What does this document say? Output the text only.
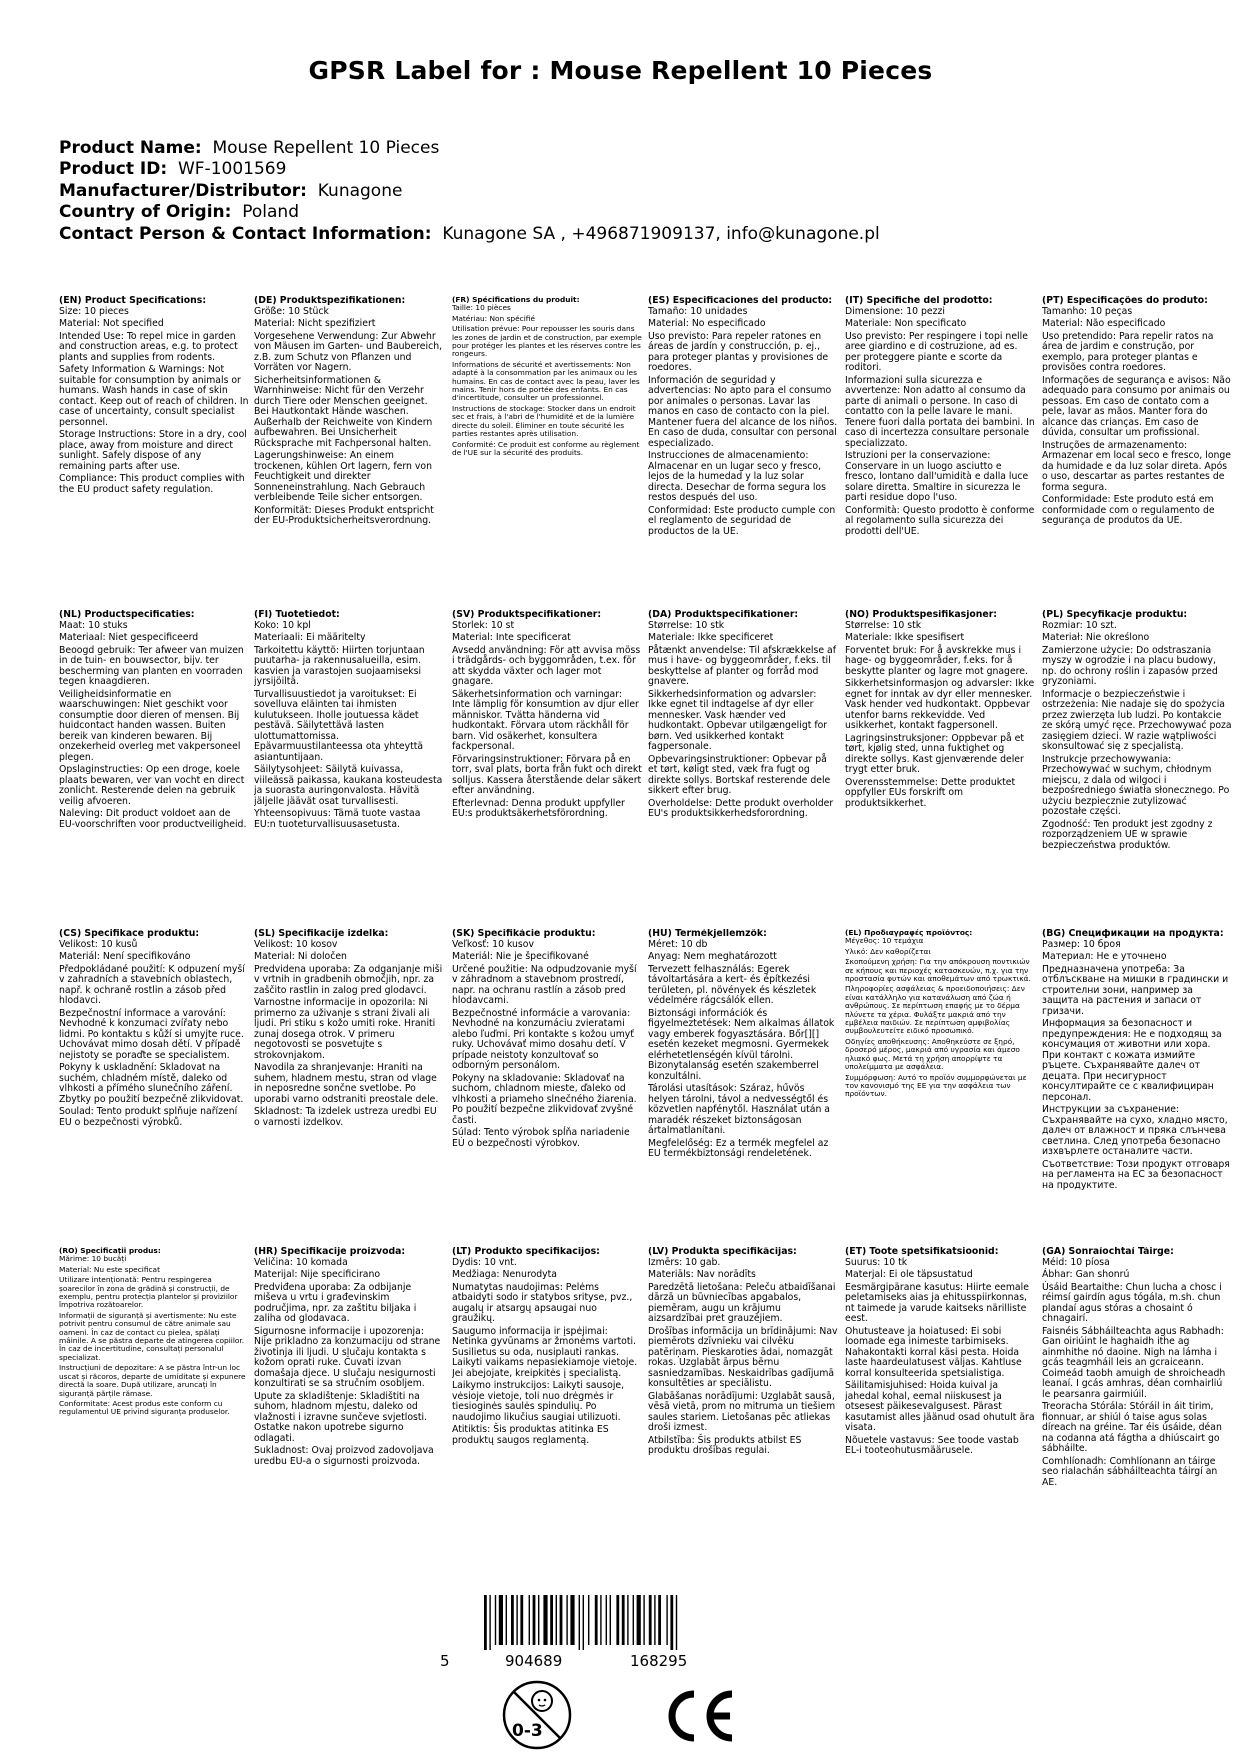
GPSR Label for : Mouse Repellent 10 Pieces
Product Name: Mouse Repellent 10 Pieces
Product ID: WF-1001569
Manufacturer/Distributor: Kunagone
Country of Origin: Poland
Contact Person & Contact Information: Kunagone SA , +496871909137, info@kunagone.pl
(EN) Product Specifications:

Size: 10 pieces

Material: Not specified

Intended Use: To repel mice in garden and construction areas, e.g. to protect plants and supplies from rodents.

Safety Information & Warnings: Not suitable for consumption by animals or humans. Wash hands in case of skin contact. Keep out of reach of children. In case of uncertainty, consult specialist personnel.

Storage Instructions: Store in a dry, cool place, away from moisture and direct sunlight. Safely dispose of any remaining parts after use.

Compliance: This product complies with the EU product safety regulation.

(DE) Produktspezifikationen:

Größe: 10 Stück

Material: Nicht spezifiziert

Vorgesehene Verwendung: Zur Abwehr von Mäusen im Garten- und Baubereich, z.B. zum Schutz von Pflanzen und Vorräten vor Nagern.

Sicherheitsinformationen & Warnhinweise: Nicht für den Verzehr durch Tiere oder Menschen geeignet. Bei Hautkontakt Hände waschen. Außerhalb der Reichweite von Kindern aufbewahren. Bei Unsicherheit Rücksprache mit Fachpersonal halten.

Lagerungshinweise: An einem trockenen, kühlen Ort lagern, fern von Feuchtigkeit und direkter Sonneneinstrahlung. Nach Gebrauch verbleibende Teile sicher entsorgen.

Konformität: Dieses Produkt entspricht der EU-Produktsicherheitsverordnung.

(FR) Spécifications du produit:

Taille: 10 pièces

Matériau: Non spécifié

Utilisation prévue: Pour repousser les souris dans les zones de jardin et de construction, par exemple pour protéger les plantes et les réserves contre les rongeurs.

Informations de sécurité et avertissements: Non adapté à la consommation par les animaux ou les humains. En cas de contact avec la peau, laver les mains. Tenir hors de portée des enfants. En cas d'incertitude, consulter un professionnel.

Instructions de stockage: Stocker dans un endroit sec et frais, à l'abri de l'humidité et de la lumière directe du soleil. Éliminer en toute sécurité les parties restantes après utilisation.

Conformité: Ce produit est conforme au règlement de l'UE sur la sécurité des produits.

(ES) Especificaciones del producto:

Tamaño: 10 unidades

Material: No especificado

Uso previsto: Para repeler ratones en áreas de jardín y construcción, p. ej., para proteger plantas y provisiones de roedores.

Información de seguridad y advertencias: No apto para el consumo por animales o personas. Lavar las manos en caso de contacto con la piel. Mantener fuera del alcance de los niños. En caso de duda, consultar con personal especializado.

Instrucciones de almacenamiento: Almacenar en un lugar seco y fresco, lejos de la humedad y la luz solar directa. Desechar de forma segura los restos después del uso.

Conformidad: Este producto cumple con el reglamento de seguridad de productos de la UE.

(IT) Specifiche del prodotto:

Dimensione: 10 pezzi

Materiale: Non specificato

Uso previsto: Per respingere i topi nelle aree giardino e di costruzione, ad es. per proteggere piante e scorte da roditori.

Informazioni sulla sicurezza e avvertenze: Non adatto al consumo da parte di animali o persone. In caso di contatto con la pelle lavare le mani. Tenere fuori dalla portata dei bambini. In caso di incertezza consultare personale specializzato.

Istruzioni per la conservazione: Conservare in un luogo asciutto e fresco, lontano dall'umidità e dalla luce solare diretta. Smaltire in sicurezza le parti residue dopo l'uso.

Conformità: Questo prodotto è conforme al regolamento sulla sicurezza dei prodotti dell'UE.

(PT) Especificações do produto:

Tamanho: 10 peças

Material: Não especificado

Uso pretendido: Para repelir ratos na área de jardim e construção, por exemplo, para proteger plantas e provisões contra roedores.

Informações de segurança e avisos: Não adequado para consumo por animais ou pessoas. Em caso de contato com a pele, lavar as mãos. Manter fora do alcance das crianças. Em caso de dúvida, consultar um profissional.

Instruções de armazenamento: Armazenar em local seco e fresco, longe da humidade e da luz solar direta. Após o uso, descartar as partes restantes de forma segura.

Conformidade: Este produto está em conformidade com o regulamento de segurança de produtos da UE.

(NL) Productspecificaties:

Maat: 10 stuks

Materiaal: Niet gespecificeerd

Beoogd gebruik: Ter afweer van muizen in de tuin- en bouwsector, bijv. ter bescherming van planten en voorraden tegen knaagdieren.

Veiligheidsinformatie en waarschuwingen: Niet geschikt voor consumptie door dieren of mensen. Bij huidcontact handen wassen. Buiten bereik van kinderen bewaren. Bij onzekerheid overleg met vakpersoneel plegen.

Opslaginstructies: Op een droge, koele plaats bewaren, ver van vocht en direct zonlicht. Resterende delen na gebruik veilig afvoeren.

Naleving: Dit product voldoet aan de EU-voorschriften voor productveiligheid.

(FI) Tuotetiedot:

Koko: 10 kpl

Materiaali: Ei määritelty

Tarkoitettu käyttö: Hiirten torjuntaan puutarha- ja rakennusalueilla, esim. kasvien ja varastojen suojaamiseksi jyrsijöiltä.

Turvallisuustiedot ja varoitukset: Ei sovelluva eläinten tai ihmisten kulutukseen. Iholle joutuessa kädet pestävä. Säilytettävä lasten ulottumattomissa. Epävarmuustilanteessa ota yhteyttä asiantuntijaan.

Säilytysohjeet: Säilytä kuivassa, viileässä paikassa, kaukana kosteudesta ja suorasta auringonvalosta. Hävitä jäljelle jäävät osat turvallisesti.

Yhteensopivuus: Tämä tuote vastaa EU:n tuoteturvallisuusasetusta.

(SV) Produktspecifikationer:

Storlek: 10 st

Material: Inte specificerat

Avsedd användning: För att avvisa möss i trädgårds- och byggområden, t.ex. för att skydda växter och lager mot gnagare.

Säkerhetsinformation och varningar: Inte lämplig för konsumtion av djur eller människor. Tvätta händerna vid hudkontakt. Förvara utom räckhåll för barn. Vid osäkerhet, konsultera fackpersonal.

Förvaringsinstruktioner: Förvara på en torr, sval plats, borta från fukt och direkt solljus. Kassera återstående delar säkert efter användning.

Efterlevnad: Denna produkt uppfyller EU:s produktsäkerhetsförordning.

(DA) Produktspecifikationer:

Størrelse: 10 stk

Materiale: Ikke specificeret

Påtænkt anvendelse: Til afskrækkelse af mus i have- og byggeområder, f.eks. til beskyttelse af planter og forråd mod gnavere.

Sikkerhedsinformation og advarsler: Ikke egnet til indtagelse af dyr eller mennesker. Vask hænder ved hudkontakt. Opbevar utilgængeligt for børn. Ved usikkerhed kontakt fagpersonale.

Opbevaringsinstruktioner: Opbevar på et tørt, køligt sted, væk fra fugt og direkte sollys. Bortskaf resterende dele sikkert efter brug.

Overholdelse: Dette produkt overholder EU's produktsikkerhedsforordning.

(NO) Produktspesifikasjoner:

Størrelse: 10 stk

Materiale: Ikke spesifisert

Forventet bruk: For å avskrekke mus i hage- og byggeområder, f.eks. for å beskytte planter og lagre mot gnagere.

Sikkerhetsinformasjon og advarsler: Ikke egnet for inntak av dyr eller mennesker. Vask hender ved hudkontakt. Oppbevar utenfor barns rekkevidde. Ved usikkerhet, kontakt fagpersonell.

Lagringsinstruksjoner: Oppbevar på et tørt, kjølig sted, unna fuktighet og direkte sollys. Kast gjenværende deler trygt etter bruk.

Overensstemmelse: Dette produktet oppfyller EUs forskrift om produktsikkerhet.

(PL) Specyfikacje produktu:

Rozmiar: 10 szt.

Materiał: Nie określono

Zamierzone użycie: Do odstraszania myszy w ogrodzie i na placu budowy, np. do ochrony roślin i zapasów przed gryzoniami.

Informacje o bezpieczeństwie i ostrzeżenia: Nie nadaje się do spożycia przez zwierzęta lub ludzi. Po kontakcie ze skórą umyć ręce. Przechowywać poza zasięgiem dzieci. W razie wątpliwości skonsultować się z specjalistą.

Instrukcje przechowywania: Przechowywać w suchym, chłodnym miejscu, z dala od wilgoci i bezpośredniego światła słonecznego. Po użyciu bezpiecznie zutylizować pozostałe części.

Zgodność: Ten produkt jest zgodny z rozporządzeniem UE w sprawie bezpieczeństwa produktów.

(CS) Specifikace produktu:

Velikost: 10 kusů

Materiál: Není specifikováno

Předpokládané použití: K odpuzení myší v zahradních a stavebních oblastech, např. k ochraně rostlin a zásob před hlodavci.

Bezpečnostní informace a varování: Nevhodné k konzumaci zvířaty nebo lidmi. Po kontaktu s kůží si umyjte ruce. Uchovávat mimo dosah dětí. V případě nejistoty se poraďte se specialistem.

Pokyny k uskladnění: Skladovat na suchém, chladném místě, daleko od vlhkosti a přímého slunečního záření. Zbytky po použití bezpečně zlikvidovat.

Soulad: Tento produkt splňuje nařízení EU o bezpečnosti výrobků.

(SL) Specifikacije izdelka:

Velikost: 10 kosov

Material: Ni določen

Predvidena uporaba: Za odganjanje miši v vrtnih in gradbenih območjih, npr. za zaščito rastlin in zalog pred glodavci.

Varnostne informacije in opozorila: Ni primerno za uživanje s strani živali ali ljudi. Pri stiku s kožo umiti roke. Hraniti zunaj dosega otrok. V primeru negotovosti se posvetujte s strokovnjakom.

Navodila za shranjevanje: Hraniti na suhem, hladnem mestu, stran od vlage in neposredne sončne svetlobe. Po uporabi varno odstraniti preostale dele.

Skladnost: Ta izdelek ustreza uredbi EU o varnosti izdelkov.

(SK) Špecifikácie produktu:

Veľkosť: 10 kusov

Materiál: Nie je špecifikované

Určené použitie: Na odpudzovanie myší v záhradnom a stavebnom prostredí, napr. na ochranu rastlín a zásob pred hlodavcami.

Bezpečnostné informácie a varovania: Nevhodné na konzumáciu zvieratami alebo ľuďmi. Pri kontakte s kožou umyť ruky. Uchovávať mimo dosahu detí. V prípade neistoty konzultovať so odborným personálom.

Pokyny na skladovanie: Skladovať na suchom, chladnom mieste, ďaleko od vlhkosti a priameho slnečného žiarenia. Po použití bezpečne zlikvidovať zvyšné časti.

Súlad: Tento výrobok spĺňa nariadenie EÚ o bezpečnosti výrobkov.

(HU) Termékjellemzők:

Méret: 10 db

Anyag: Nem meghatározott

Tervezett felhasználás: Egerek távoltartására a kert- és építkezési területen, pl. növények és készletek védelmére rágcsálók ellen.

Biztonsági információk és figyelmeztetések: Nem alkalmas állatok vagy emberek fogyasztására. Bőr[][] esetén kezeket megmosni. Gyermekek elérhetetlenségén kívül tárolni. Bizonytalanság esetén szakemberrel konzultálni.

Tárolási utasítások: Száraz, hűvös helyen tárolni, távol a nedvességtől és közvetlen napfénytől. Használat után a maradék részeket biztonságosan ártalmatlanítani.

Megfelelőség: Ez a termék megfelel az EU termékbiztonsági rendeletének.

(EL) Προδιαγραφές προϊόντος:

Μέγεθος: 10 τεμάχια

Υλικό: Δεν καθορίζεται

Σκοπούμενη χρήση: Για την απόκρουση ποντικιών σε κήπους και περιοχές κατασκευών, π.χ. για την προστασία φυτών και αποθεμάτων από τρωκτικά.

Πληροφορίες ασφάλειας & προειδοποιήσεις: Δεν είναι κατάλληλο για κατανάλωση από ζώα ή ανθρώπους. Σε περίπτωση επαφής με το δέρμα πλύνετε τα χέρια. Φυλάξτε μακριά από την εμβέλεια παιδιών. Σε περίπτωση αμφιβολίας συμβουλευτείτε ειδικό προσωπικό.

Οδηγίες αποθήκευσης: Αποθηκεύστε σε ξηρό, δροσερό μέρος, μακριά από υγρασία και άμεσο ηλιακό φως. Μετά τη χρήση απορρίψτε τα υπολείμματα με ασφάλεια.

Συμμόρφωση: Αυτό το προϊόν συμμορφώνεται με τον κανονισμό της ΕΕ για την ασφάλεια των προϊόντων.

(BG) Спецификации на продукта:

Размер: 10 броя

Материал: Не е уточнено

Предназначена употреба: За отблъскване на мишки в градински и строителни зони, например за защита на растения и запаси от гризачи.

Информация за безопасност и предупреждения: Не е подходящ за консумация от животни или хора. При контакт с кожата измийте ръцете. Съхранявайте далеч от децата. При несигурност консултирайте се с квалифициран персонал.

Инструкции за съхранение: Съхранявайте на сухо, хладно място, далеч от влажност и пряка слънчева светлина. След употреба безопасно изхвърлете останалите части.

Съответствие: Този продукт отговаря на регламента на ЕС за безопасност на продуктите.

(RO) Specificații produs:

Mărime: 10 bucăți

Material: Nu este specificat

Utilizare intenționată: Pentru respingerea șoarecilor în zona de grădină și construcții, de exemplu, pentru protecția plantelor și provizi​ilor împotriva rozătoarelor.

Informații de siguranță și avertismente: Nu este potrivit pentru consumul de către animale sau oameni. În caz de contact cu pielea, spălați mâinile. A se păstra departe de atingerea copiilor. În caz de incertitudine, consultați personalul specializat.

Instrucțiuni de depozitare: A se păstra într-un loc uscat și răcoros, departe de umiditate și expunere directă la soare. După utilizare, aruncați în siguranță părțile rămase.

Conformitate: Acest produs este conform cu regulamentul UE privind siguranța produselor.

(HR) Specifikacije proizvoda:

Veličina: 10 komada

Materijal: Nije specificirano

Predviđena uporaba: Za odbijanje miševa u vrtu i građevinskim područjima, npr. za zaštitu biljaka i zaliha od glodavaca.

Sigurnosne informacije i upozorenja: Nije prikladno za konzumaciju od strane životinja ili ljudi. U slučaju kontakta s kožom oprati ruke. Čuvati izvan domašaja djece. U slučaju nesigurnosti konzultirati se sa stručnim osobljem.

Upute za skladištenje: Skladištiti na suhom, hladnom mjestu, daleko od vlažnosti i izravne sunčeve svjetlosti. Ostatke nakon upotrebe sigurno odlagati.

Sukladnost: Ovaj proizvod zadovoljava uredbu EU-a o sigurnosti proizvoda.

(LT) Produkto specifikacijos:

Dydis: 10 vnt.

Medžiaga: Nenurodyta

Numatytas naudojimas: Pelėms atbaidyti sodo ir statybos srityse, pvz., augalų ir atsargų apsaugai nuo graužikų.

Saugumo informacija ir įspėjimai: Netinka gyvūnams ar žmonėms vartoti. Susilietus su oda, nusiplauti rankas. Laikyti vaikams nepasiekiamoje vietoje. Jei abejojate, kreipkitės į specialistą.

Laikymo instrukcijos: Laikyti sausoje, vėsioje vietoje, toli nuo drėgmės ir tiesioginės saulės spindulių. Po naudojimo likučius saugiai utilizuoti.

Atitiktis: Šis produktas atitinka ES produktų saugos reglamentą.

(LV) Produkta specifikācijas:

Izmērs: 10 gab.

Materiāls: Nav norādīts

Paredzētā lietošana: Peleču atbaidīšanai dārzā un būvniecības apgabalos, piemēram, augu un krājumu aizsardzībai pret grauzējiem.

Drošības informācija un brīdinājumi: Nav piemērots dzīvnieku vai cilvēku patēriņam. Pieskaroties ādai, nomazgāt rokas. Uzglabāt ārpus bērnu sasniedzamības. Neskaidrības gadījumā konsultēties ar speciālistu.

Glabāšanas norādījumi: Uzglabāt sausā, vēsā vietā, prom no mitruma un tiešiem saules stariem. Lietošanas pēc atliekas droši izmest.

Atbilstība: Šis produkts atbilst ES produktu drošības regulai.

(ET) Toote spetsifikatsioonid:

Suurus: 10 tk

Materjal: Ei ole täpsustatud

Eesmärgipärane kasutus: Hiirte eemale peletamiseks aias ja ehitusspiirkonnas, nt taimede ja varude kaitseks närilliste eest.

Ohutusteave ja hoiatused: Ei sobi loomade ega inimeste tarbimiseks. Nahakontakti korral käsi pesta. Hoida laste haardeulatusest väljas. Kahtluse korral konsulteerida spetsialistiga.

Säilitamisjuhised: Hoida kuival ja jahedal kohal, eemal niiskusest ja otsesest päikesevalgusest. Pärast kasutamist alles jäänud osad ohutult ära visata.

Nõuetele vastavus: See toode vastab EL-i tooteohutusmäärusele.

(GA) Sonraíochtaí Táirge:

Méid: 10 píosa

Ábhar: Gan shonrú

Úsáid Beartaithe: Chun lucha a chosc i réimsí gairdín agus tógála, m.sh. chun plandaí agus stóras a chosaint ó chnagairí.

Faisnéis Sábháilteachta agus Rabhadh: Gan oiriúint le haghaidh ithe ag ainmhithe nó daoine. Nigh na lámha i gcás teagmháil leis an gcraiceann. Coimeád taobh amuigh de shroicheadh leanaí. I gcás amhras, déan comhairliú le pearsanra gairmiúil.

Treoracha Stórála: Stóráil in áit tirim, fionnuar, ar shiúl ó taise agus solas díreach na gréine. Tar éis úsáide, déan na codanna atá fágtha a dhiúscairt go sábháilte.

Comhlíonadh: Comhlíonann an táirge seo rialachán sábháilteachta táirgí an AE.

5	904689	168295
0-3
